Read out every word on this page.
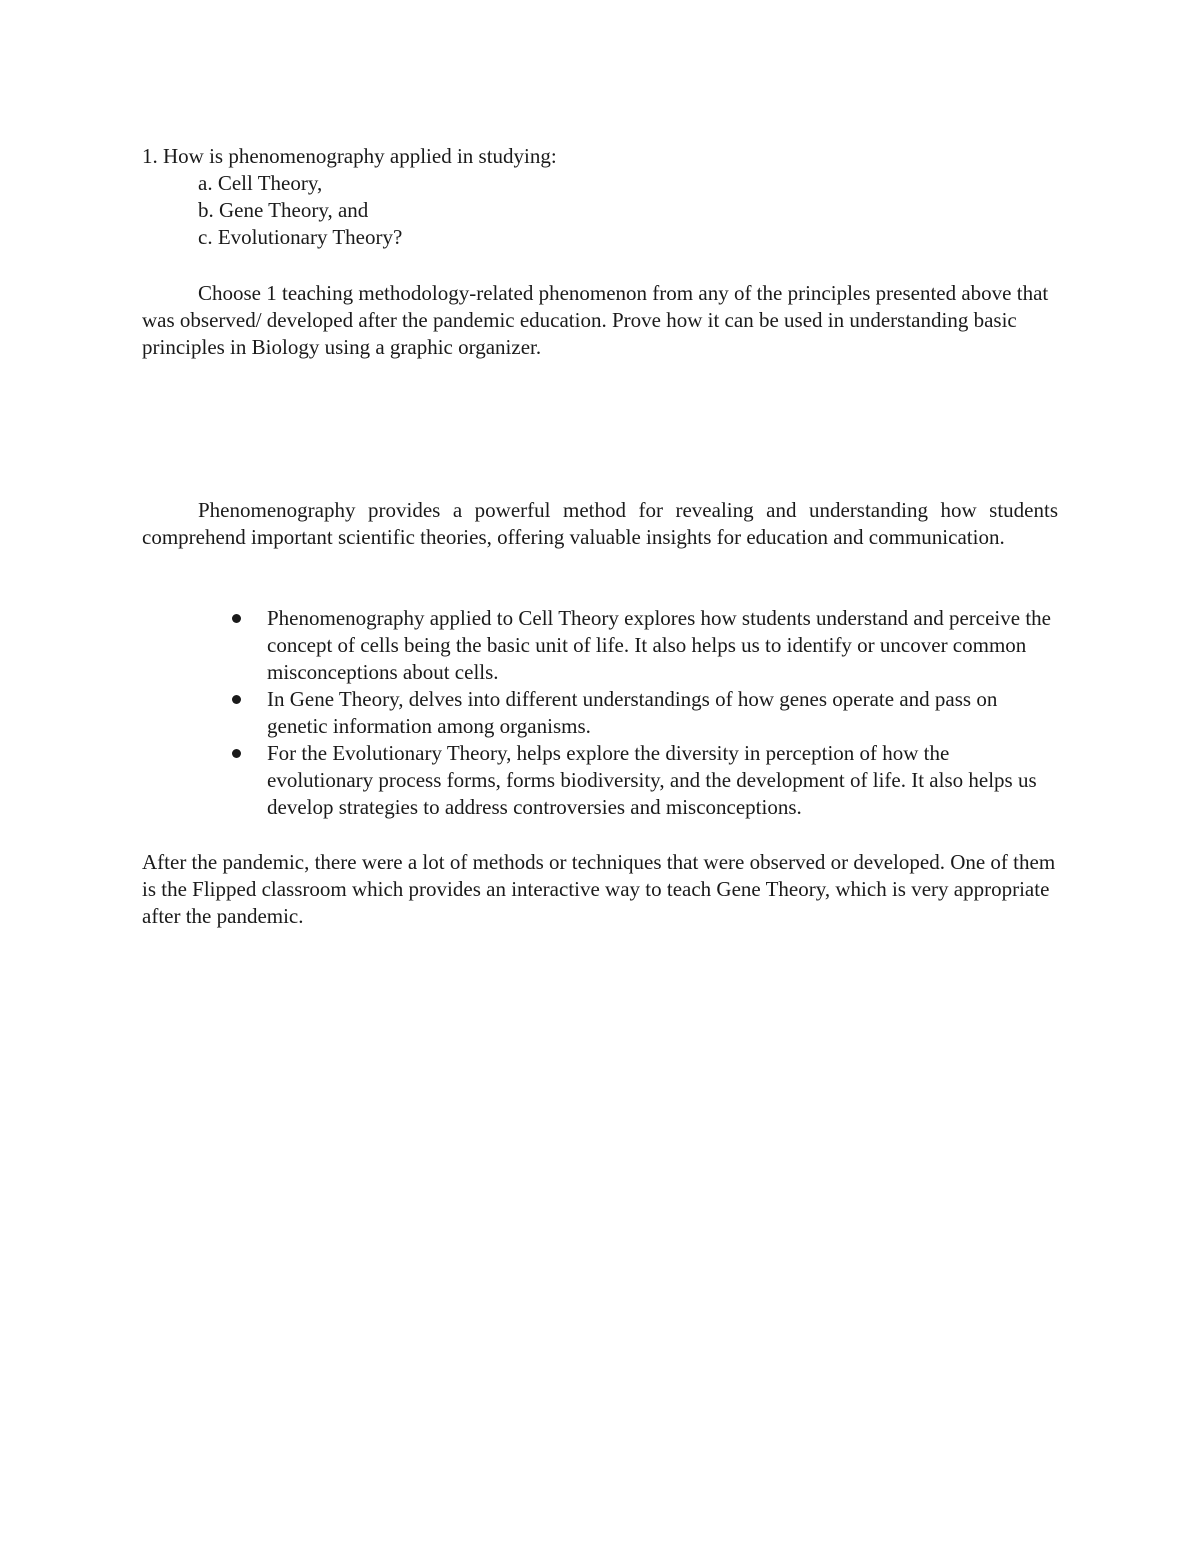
1. How is phenomenography applied in studying:

a. Cell Theory,

b. Gene Theory, and

c. Evolutionary Theory?

Choose 1 teaching methodology-related phenomenon from any of the principles presented above that was observed/ developed after the pandemic education. Prove how it can be used in understanding basic principles in Biology using a graphic organizer.

Phenomenography provides a powerful method for revealing and understanding how students comprehend important scientific theories, offering valuable insights for education and communication.

Phenomenography applied to Cell Theory explores how students understand and perceive the concept of cells being the basic unit of life. It also helps us to identify or uncover common misconceptions about cells.
In Gene Theory, delves into different understandings of how genes operate and pass on genetic information among organisms.
For the Evolutionary Theory, helps explore the diversity in perception of how the evolutionary process forms, forms biodiversity, and the development of life. It also helps us develop strategies to address controversies and misconceptions.

After the pandemic, there were a lot of methods or techniques that were observed or developed. One of them is the Flipped classroom which provides an interactive way to teach Gene Theory, which is very appropriate after the pandemic.
